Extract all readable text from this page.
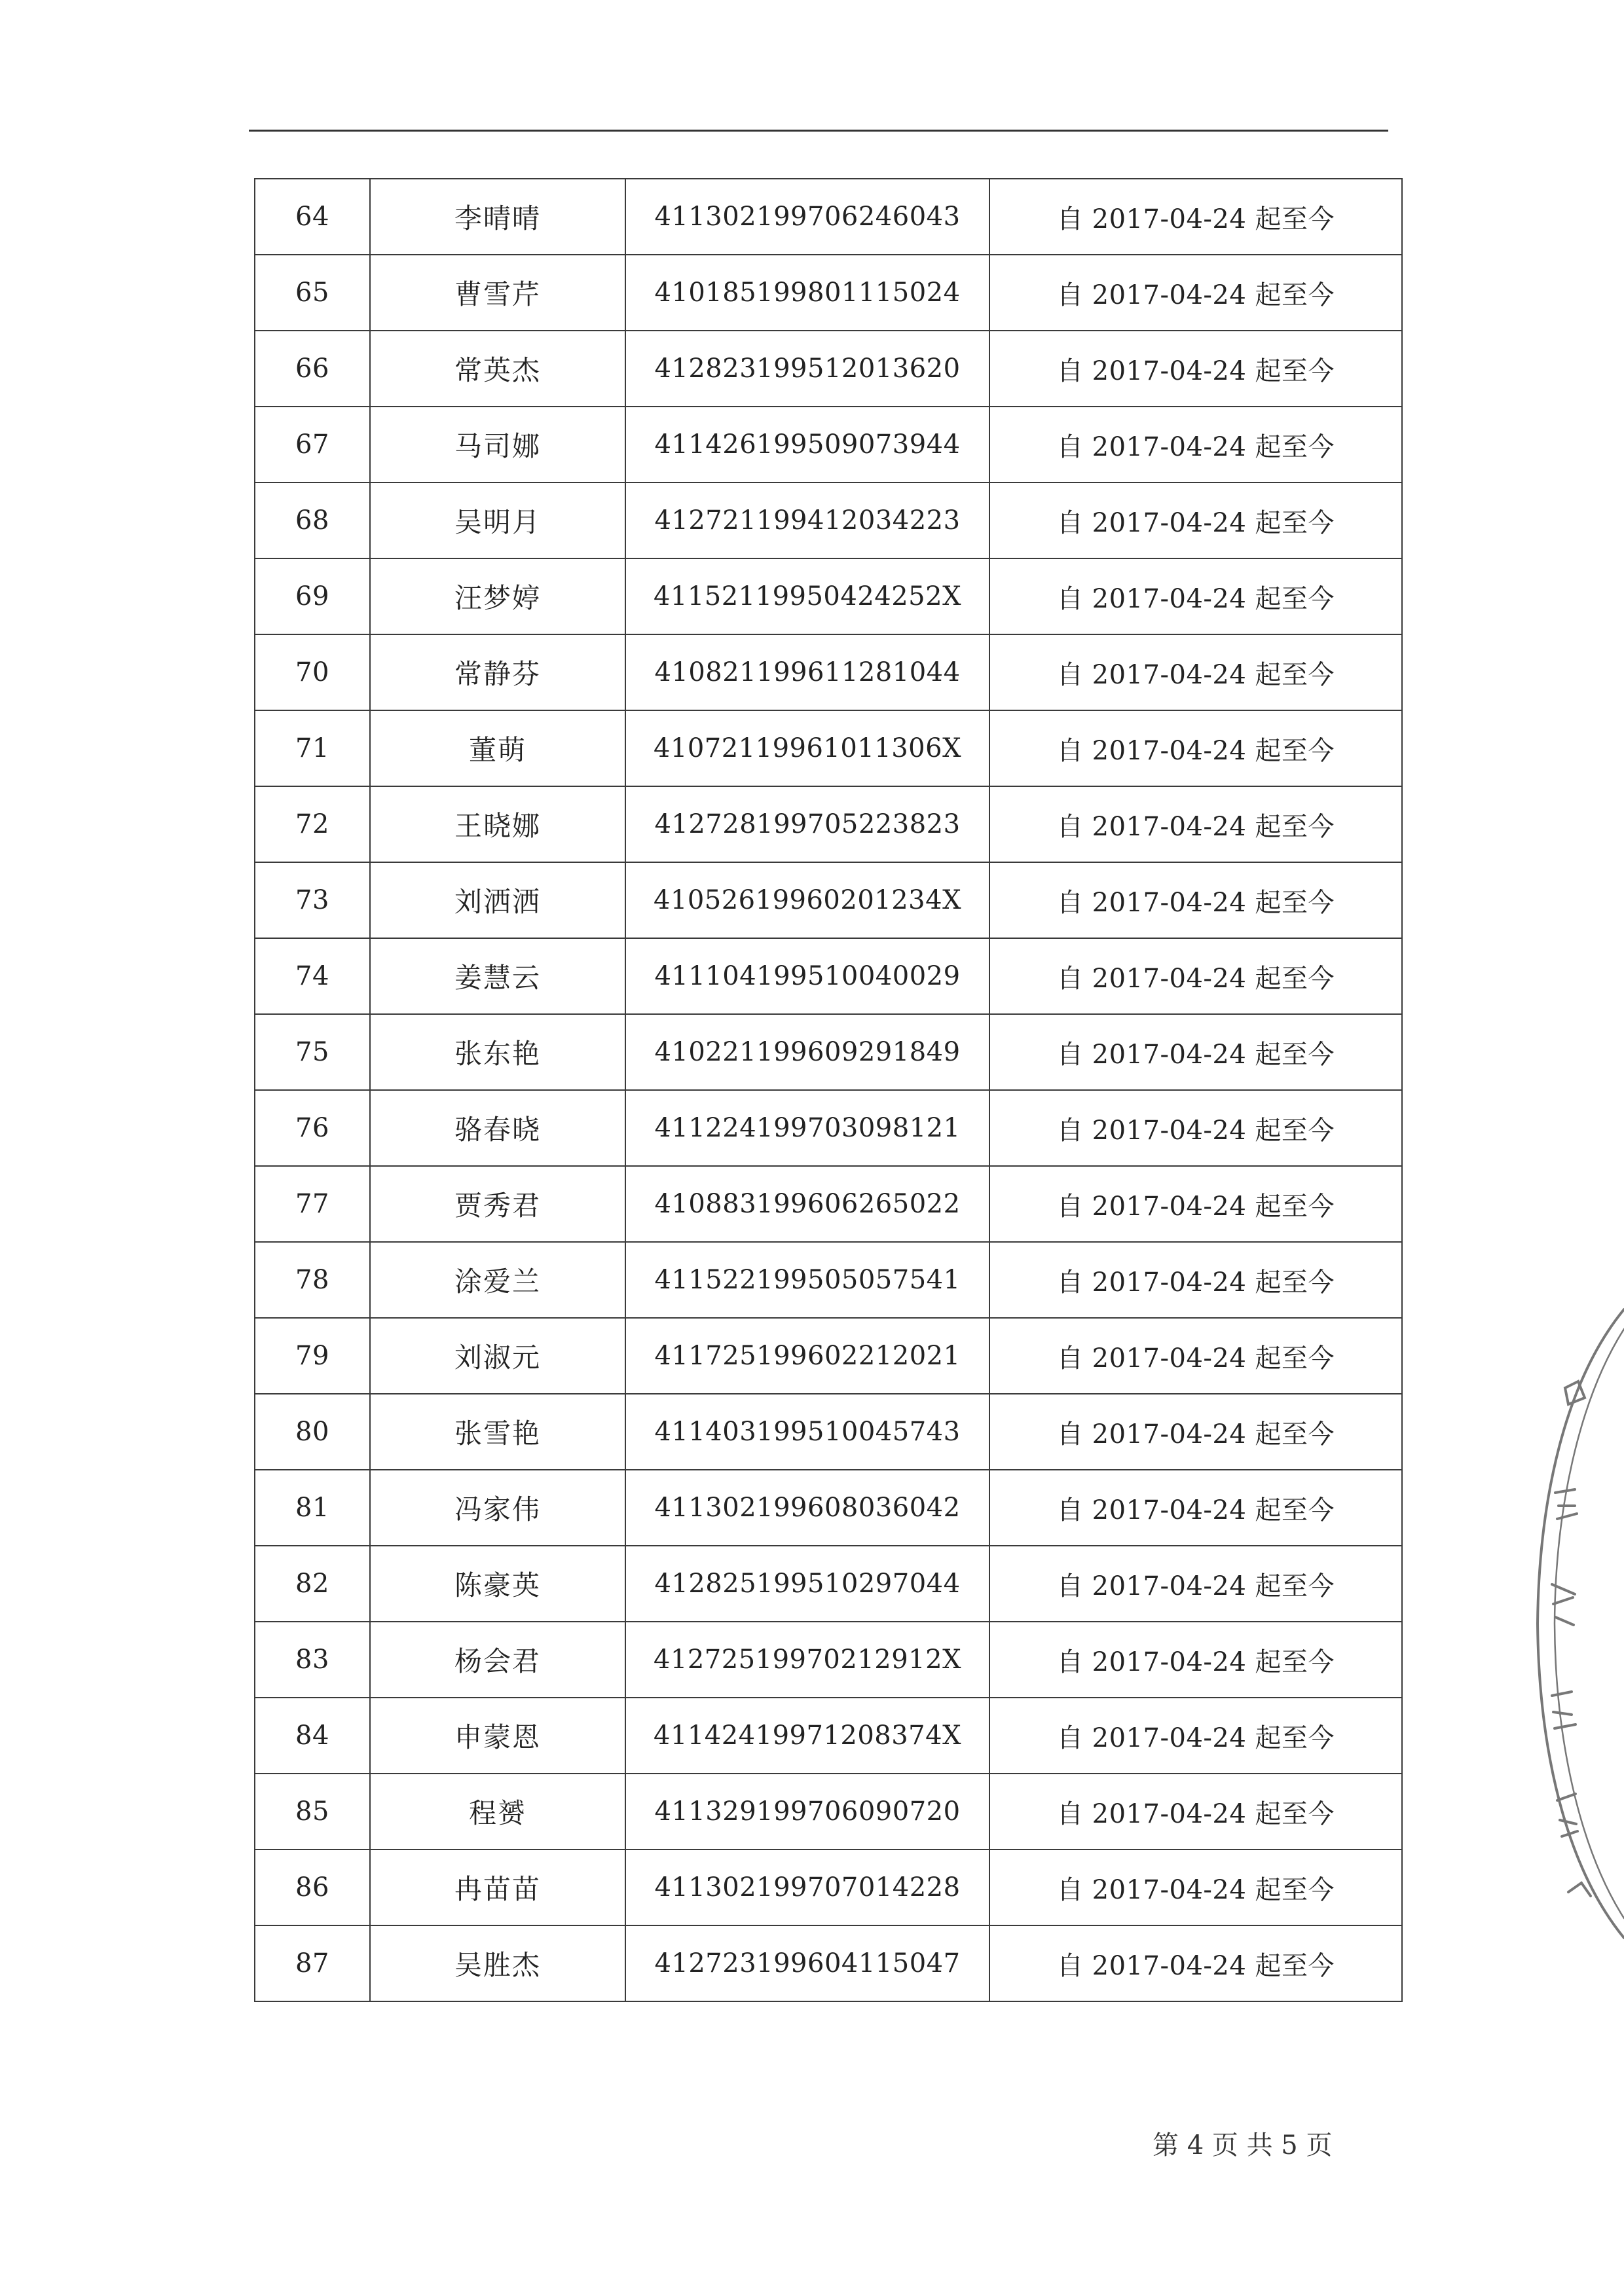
64	李晴晴	411302199706246043	自 2017-04-24 起至今
65	曹雪芹	410185199801115024	自 2017-04-24 起至今
66	常英杰	412823199512013620	自 2017-04-24 起至今
67	马司娜	411426199509073944	自 2017-04-24 起至今
68	吴明月	412721199412034223	自 2017-04-24 起至今
69	汪梦婷	41152119950424252X	自 2017-04-24 起至今
70	常静芬	410821199611281044	自 2017-04-24 起至今
71	董萌	41072119961011306X	自 2017-04-24 起至今
72	王晓娜	412728199705223823	自 2017-04-24 起至今
73	刘洒洒	41052619960201234X	自 2017-04-24 起至今
74	姜慧云	411104199510040029	自 2017-04-24 起至今
75	张东艳	410221199609291849	自 2017-04-24 起至今
76	骆春晓	411224199703098121	自 2017-04-24 起至今
77	贾秀君	410883199606265022	自 2017-04-24 起至今
78	涂爱兰	411522199505057541	自 2017-04-24 起至今
79	刘淑元	411725199602212021	自 2017-04-24 起至今
80	张雪艳	411403199510045743	自 2017-04-24 起至今
81	冯家伟	411302199608036042	自 2017-04-24 起至今
82	陈豪英	412825199510297044	自 2017-04-24 起至今
83	杨会君	41272519970212912X	自 2017-04-24 起至今
84	申蒙恩	41142419971208374X	自 2017-04-24 起至今
85	程赟	411329199706090720	自 2017-04-24 起至今
86	冉苗苗	411302199707014228	自 2017-04-24 起至今
87	吴胜杰	412723199604115047	自 2017-04-24 起至今
第 4 页 共 5 页
